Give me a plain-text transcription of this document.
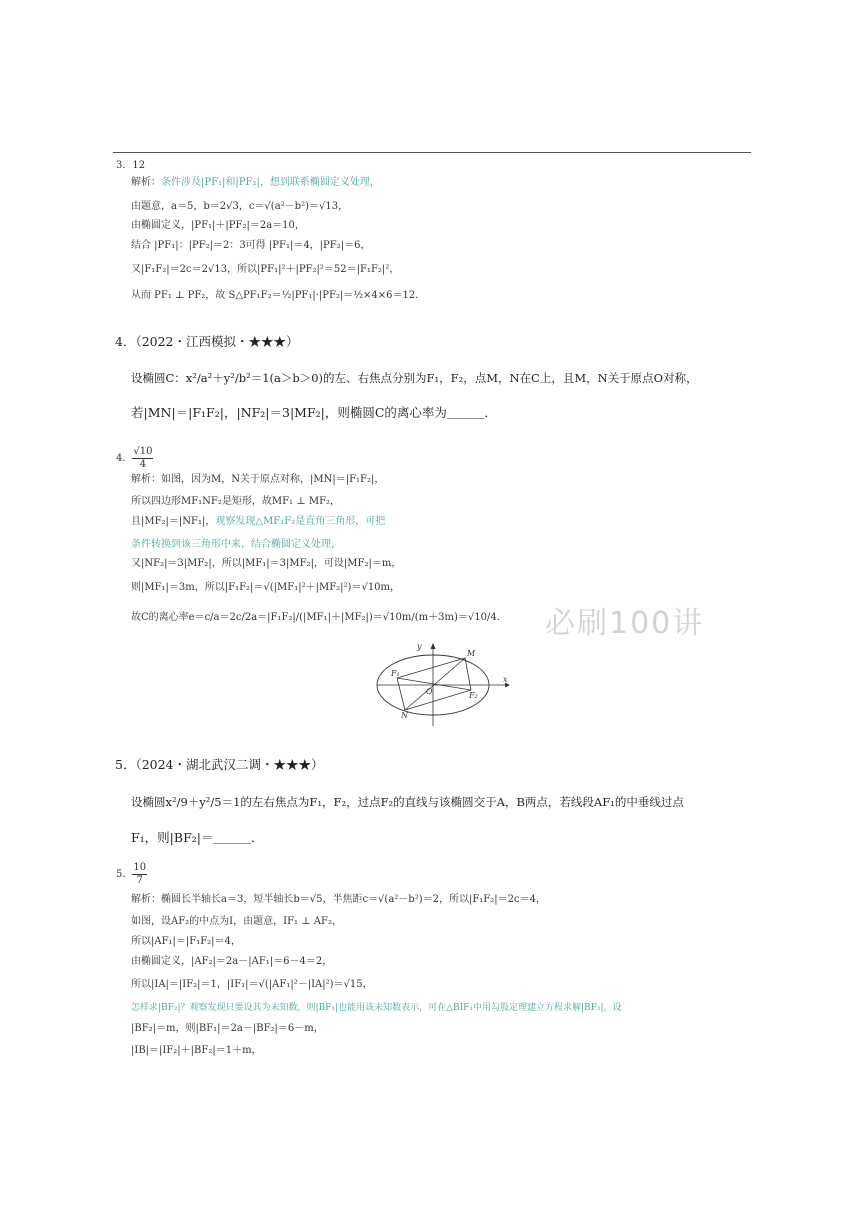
3．12
解析：条件涉及|PF₁|和|PF₂|，想到联系椭圆定义处理，
由题意，a＝5，b＝2√3，c＝√(a²－b²)＝√13，
由椭圆定义，|PF₁|＋|PF₂|＝2a＝10，
结合 |PF₁|：|PF₂|＝2：3可得 |PF₁|＝4，|PF₂|＝6，
又|F₁F₂|＝2c＝2√13，所以|PF₁|²＋|PF₂|²＝52＝|F₁F₂|²，
从而 PF₁ ⊥ PF₂，故 S△PF₁F₂＝½|PF₁|·|PF₂|＝½×4×6＝12．
4．（2022・江西模拟・★★★）
设椭圆C：x²/a²＋y²/b²＝1(a＞b＞0)的左、右焦点分别为F₁，F₂，点M，N在C上，且M，N关于原点O对称，
若|MN|＝|F₁F₂|，|NF₂|＝3|MF₂|，则椭圆C的离心率为＿＿＿．
4． $\frac{√10}{4}$
解析：如图，因为M，N关于原点对称，|MN|＝|F₁F₂|，
所以四边形MF₁NF₂是矩形，故MF₁ ⊥ MF₂，
且|MF₂|＝|NF₁|，观察发现△MF₁F₂是直角三角形，可把
条件转换到该三角形中来，结合椭圆定义处理，
又|NF₂|＝3|MF₂|，所以|MF₁|＝3|MF₂|，可设|MF₂|＝m，
则|MF₁|＝3m，所以|F₁F₂|＝√(|MF₁|²＋|MF₂|²)＝√10m，
故C的离心率e＝c/a＝2c/2a＝|F₁F₂|/(|MF₁|＋|MF₂|)＝√10m/(m＋3m)＝√10/4． 必刷100讲
y
x
M
N
O
F₁
F₂
5．（2024・湖北武汉二调・★★★）
设椭圆x²/9＋y²/5＝1的左右焦点为F₁，F₂，过点F₂的直线与该椭圆交于A，B两点，若线段AF₁的中垂线过点
F₁，则|BF₂|＝＿＿＿．
5． $\frac{10}{7}$
解析：椭圆长半轴长a＝3，短半轴长b＝√5，半焦距c＝√(a²－b²)＝2，所以|F₁F₂|＝2c＝4，
如图，设AF₂的中点为I，由题意，IF₁ ⊥ AF₂，
所以|AF₁|＝|F₁F₂|＝4，
由椭圆定义，|AF₂|＝2a－|AF₁|＝6－4＝2，
所以|IA|＝|IF₂|＝1，|IF₁|＝√(|AF₁|²－|IA|²)＝√15，
怎样求|BF₂|？观察发现只要设其为未知数，则|BF₁|也能用该未知数表示，可在△BIF₁中用勾股定理建立方程求解|BF₂|，设
|BF₂|＝m，则|BF₁|＝2a－|BF₂|＝6－m，
|IB|＝|IF₂|＋|BF₂|＝1＋m，
